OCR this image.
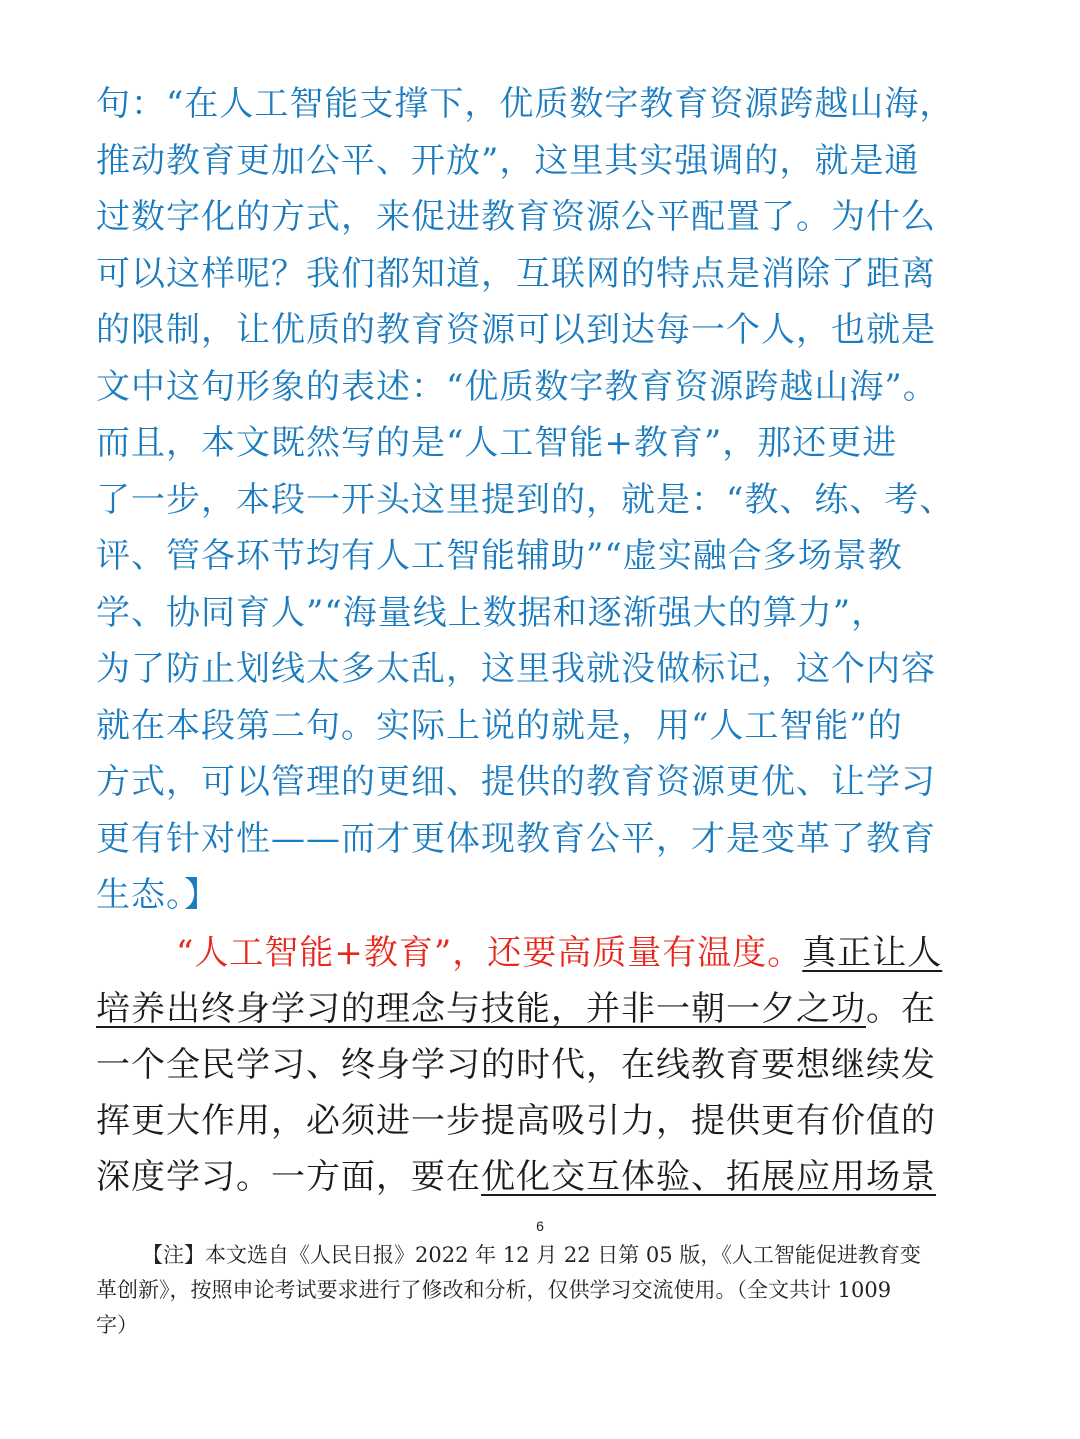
句：“在人工智能支撑下，优质数字教育资源跨越山海，
推动教育更加公平、开放”，这里其实强调的，就是通
过数字化的方式，来促进教育资源公平配置了。为什么
可以这样呢？我们都知道，互联网的特点是消除了距离
的限制，让优质的教育资源可以到达每一个人，也就是
文中这句形象的表述：“优质数字教育资源跨越山海”。
而且，本文既然写的是“人工智能+教育”，那还更进
了一步，本段一开头这里提到的，就是：“教、练、考、
评、管各环节均有人工智能辅助”“虚实融合多场景教
学、协同育人”“海量线上数据和逐渐强大的算力”，
为了防止划线太多太乱，这里我就没做标记，这个内容
就在本段第二句。实际上说的就是，用“人工智能”的
方式，可以管理的更细、提供的教育资源更优、让学习
更有针对性——而才更体现教育公平，才是变革了教育
生态。】
“人工智能+教育”，还要高质量有温度。真正让人
培养出终身学习的理念与技能，并非一朝一夕之功。在
一个全民学习、终身学习的时代，在线教育要想继续发
挥更大作用，必须进一步提高吸引力，提供更有价值的
深度学习。一方面，要在优化交互体验、拓展应用场景
6
【注】本文选自《人民日报》2022 年 12 月 22 日第 05 版，《人工智能促进教育变
革创新》，按照申论考试要求进行了修改和分析，仅供学习交流使用。（全文共计 1009
字）
